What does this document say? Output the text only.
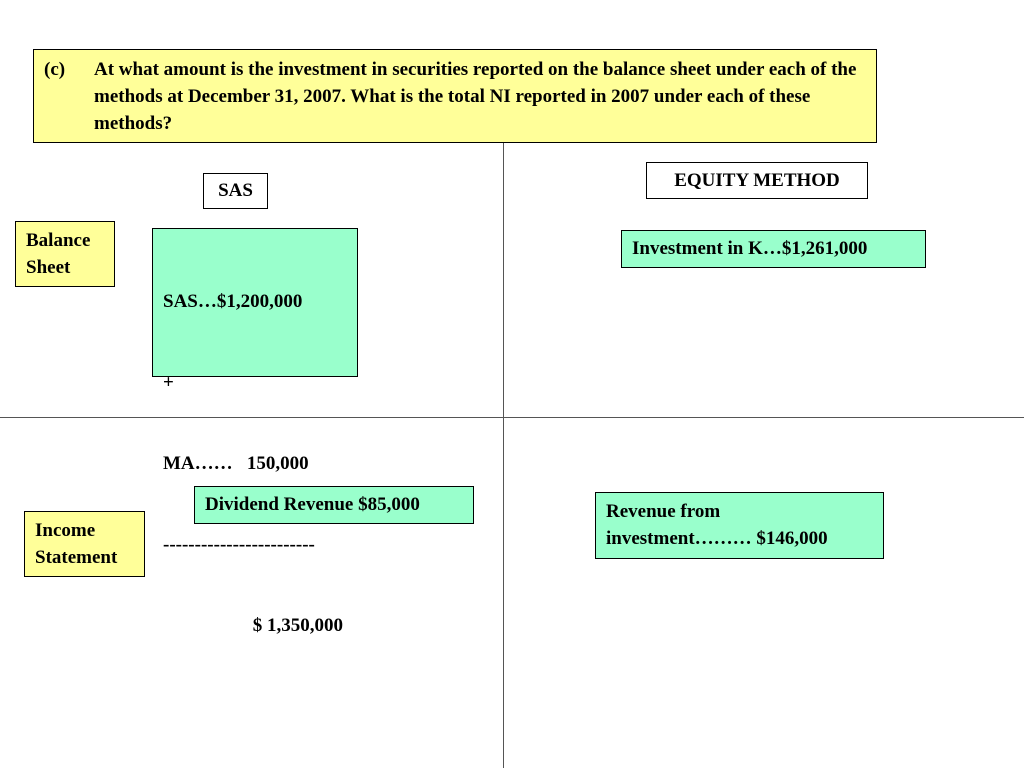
(c) At what amount is the investment in securities reported on the balance sheet under each of the methods at December 31, 2007. What is the total NI reported in 2007 under each of these methods?
SAS	EQUITY METHOD
Balance
Sheet
Income
Statement

SAS…$1,200,000

+

MA……   150,000

------------------------

$ 1,350,000

Investment in K…$1,261,000
Dividend Revenue $85,000	Revenue from
investment……… $146,000
